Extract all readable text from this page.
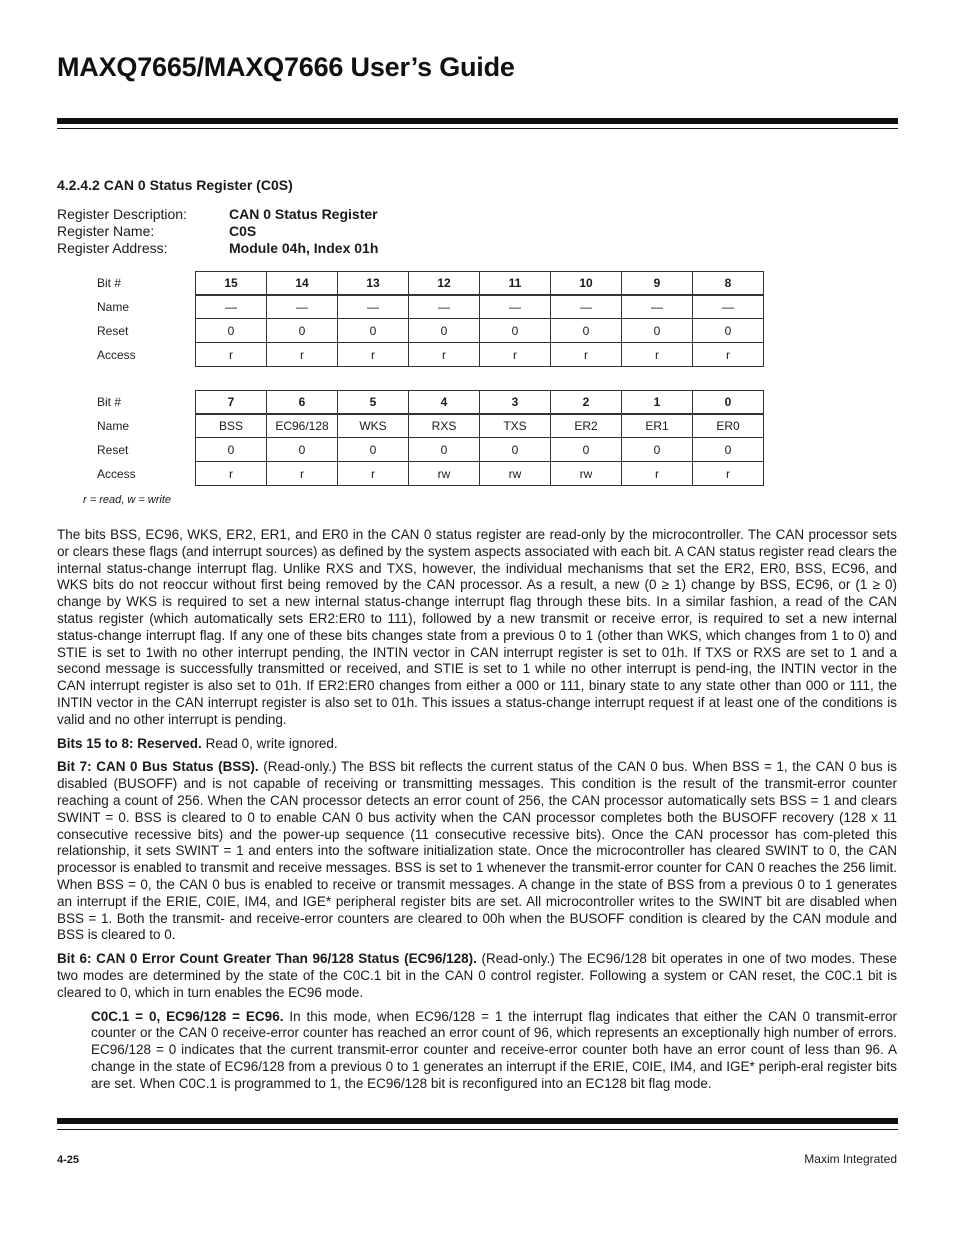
MAXQ7665/MAXQ7666 User’s Guide
4.2.4.2 CAN 0 Status Register (C0S)
Register Description:	CAN 0 Status Register
Register Name:	C0S
Register Address:	Module 04h, Index 01h
Bit #	15	14	13	12	11	10	9	8
Name	—	—	—	—	—	—	—	—
Reset	0	0	0	0	0	0	0	0
Access	r	r	r	r	r	r	r	r
Bit #	7	6	5	4	3	2	1	0
Name	BSS	EC96/128	WKS	RXS	TXS	ER2	ER1	ER0
Reset	0	0	0	0	0	0	0	0
Access	r	r	r	rw	rw	rw	r	r
r = read, w = write

The bits BSS, EC96, WKS, ER2, ER1, and ER0 in the CAN 0 status register are read-only by the microcontroller. The CAN processor sets or clears these flags (and interrupt sources) as defined by the system aspects associated with each bit. A CAN status register read clears the internal status-change interrupt flag. Unlike RXS and TXS, however, the individual mechanisms that set the ER2, ER0, BSS, EC96, and WKS bits do not reoccur without first being removed by the CAN processor. As a result, a new (0 ≥ 1) change by BSS, EC96, or (1 ≥ 0) change by WKS is required to set a new internal status-change interrupt flag through these bits. In a similar fashion, a read of the CAN status register (which automatically sets ER2:ER0 to 111), followed by a new transmit or receive error, is required to set a new internal status-change interrupt flag. If any one of these bits changes state from a previous 0 to 1 (other than WKS, which changes from 1 to 0) and STIE is set to 1with no other interrupt pending, the INTIN vector in CAN interrupt register is set to 01h. If TXS or RXS are set to 1 and a second message is successfully transmitted or received, and STIE is set to 1 while no other interrupt is pend-ing, the INTIN vector in the CAN interrupt register is also set to 01h. If ER2:ER0 changes from either a 000 or 111, binary state to any state other than 000 or 111, the INTIN vector in the CAN interrupt register is also set to 01h. This issues a status-change interrupt request if at least one of the conditions is valid and no other interrupt is pending.

Bits 15 to 8: Reserved. Read 0, write ignored.

Bit 7: CAN 0 Bus Status (BSS). (Read-only.) The BSS bit reflects the current status of the CAN 0 bus. When BSS = 1, the CAN 0 bus is disabled (BUSOFF) and is not capable of receiving or transmitting messages. This condition is the result of the transmit-error counter reaching a count of 256. When the CAN processor detects an error count of 256, the CAN processor automatically sets BSS = 1 and clears SWINT = 0. BSS is cleared to 0 to enable CAN 0 bus activity when the CAN processor completes both the BUSOFF recovery (128 x 11 consecutive recessive bits) and the power-up sequence (11 consecutive recessive bits). Once the CAN processor has com-pleted this relationship, it sets SWINT = 1 and enters into the software initialization state. Once the microcontroller has cleared SWINT to 0, the CAN processor is enabled to transmit and receive messages. BSS is set to 1 whenever the transmit-error counter for CAN 0 reaches the 256 limit. When BSS = 0, the CAN 0 bus is enabled to receive or transmit messages. A change in the state of BSS from a previous 0 to 1 generates an interrupt if the ERIE, C0IE, IM4, and IGE* peripheral register bits are set. All microcontroller writes to the SWINT bit are disabled when BSS = 1. Both the transmit- and receive-error counters are cleared to 00h when the BUSOFF condition is cleared by the CAN module and BSS is cleared to 0.

Bit 6: CAN 0 Error Count Greater Than 96/128 Status (EC96/128). (Read-only.) The EC96/128 bit operates in one of two modes. These two modes are determined by the state of the C0C.1 bit in the CAN 0 control register. Following a system or CAN reset, the C0C.1 bit is cleared to 0, which in turn enables the EC96 mode.

C0C.1 = 0, EC96/128 = EC96. In this mode, when EC96/128 = 1 the interrupt flag indicates that either the CAN 0 transmit-error counter or the CAN 0 receive-error counter has reached an error count of 96, which represents an exceptionally high number of errors. EC96/128 = 0 indicates that the current transmit-error counter and receive-error counter both have an error count of less than 96. A change in the state of EC96/128 from a previous 0 to 1 generates an interrupt if the ERIE, C0IE, IM4, and IGE* periph-eral register bits are set. When C0C.1 is programmed to 1, the EC96/128 bit is reconfigured into an EC128 bit flag mode.

4-25	Maxim Integrated
